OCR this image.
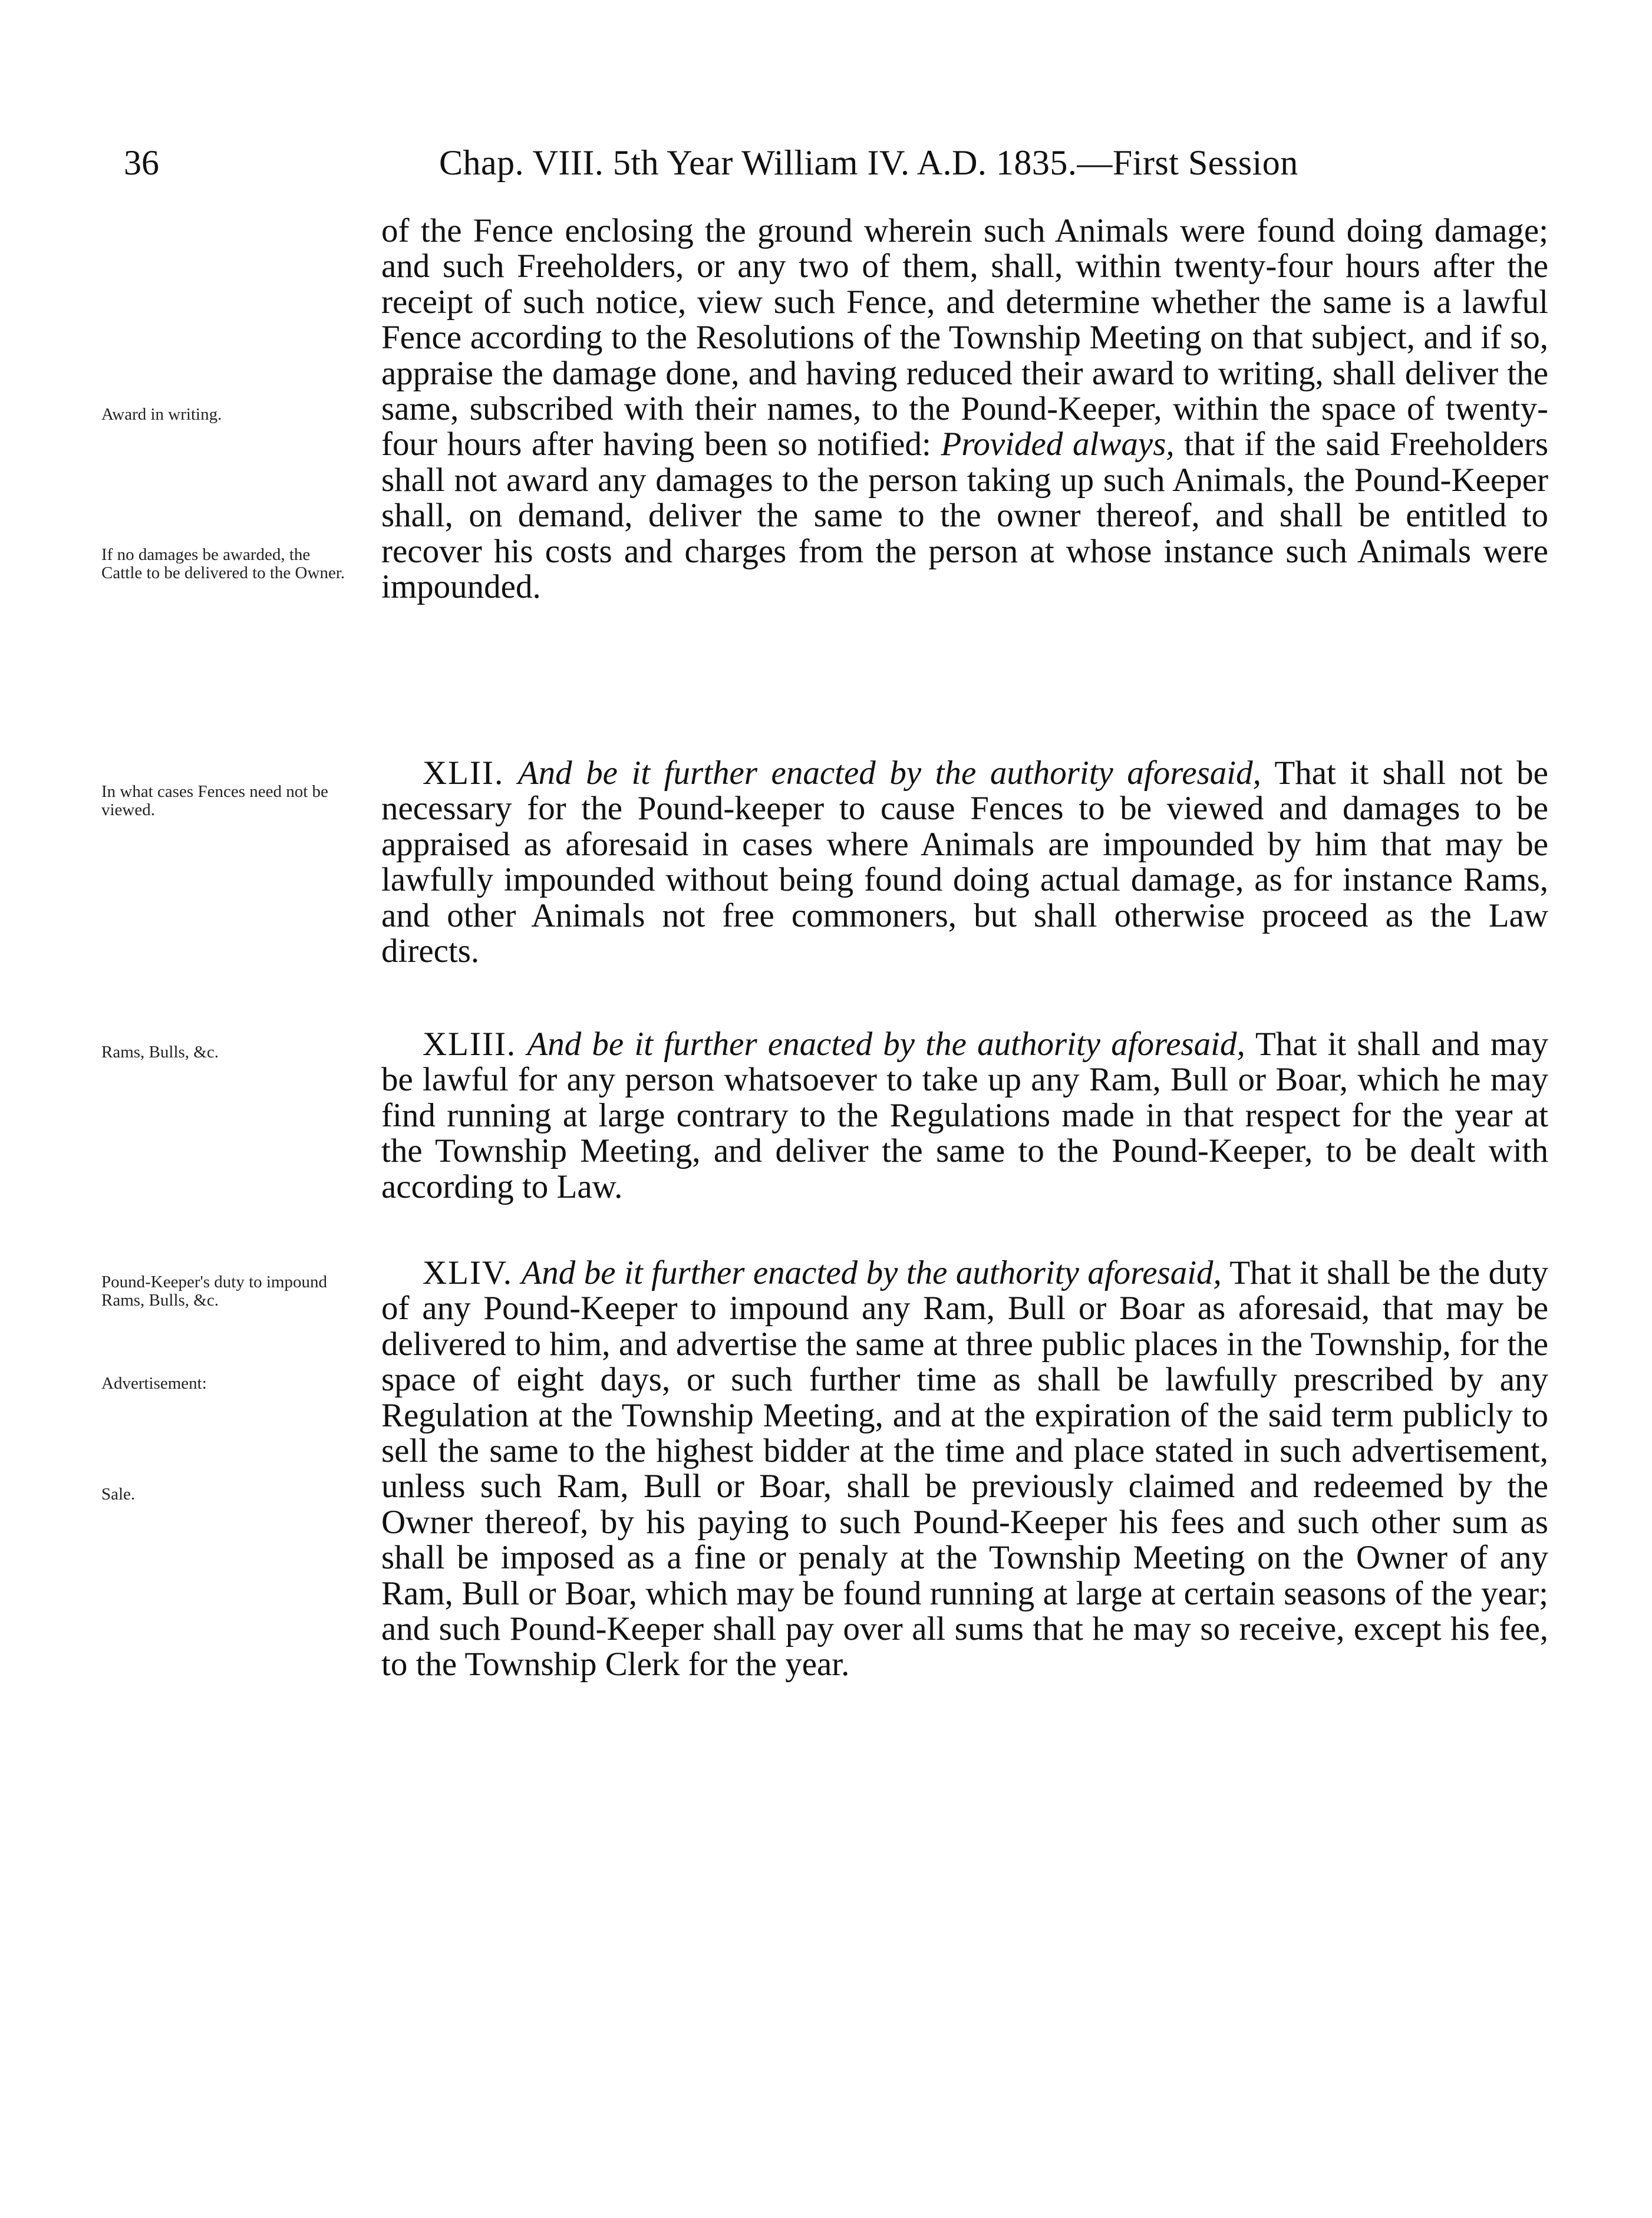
36	Chap. VIII. 5th Year William IV. A.D. 1835.—First Session

of the Fence enclosing the ground wherein such Animals were found doing damage; and such Freeholders, or any two of them, shall, within twenty-four hours after the receipt of such notice, view such Fence, and determine whether the same is a lawful Fence according to the Resolutions of the Township Meeting on that subject, and if so, appraise the damage done, and having reduced their award to writing, shall deliver the same, subscribed with their names, to the Pound-Keeper, within the space of twenty-four hours after having been so notified: Provided always, that if the said Freeholders shall not award any damages to the person taking up such Animals, the Pound-Keeper shall, on demand, deliver the same to the owner thereof, and shall be entitled to recover his costs and charges from the person at whose instance such Animals were impounded.

XLII. And be it further enacted by the authority aforesaid, That it shall not be necessary for the Pound-keeper to cause Fences to be viewed and damages to be appraised as aforesaid in cases where Animals are impounded by him that may be lawfully impounded without being found doing actual damage, as for instance Rams, and other Animals not free commoners, but shall otherwise proceed as the Law directs.

XLIII. And be it further enacted by the authority aforesaid, That it shall and may be lawful for any person whatsoever to take up any Ram, Bull or Boar, which he may find running at large contrary to the Regulations made in that respect for the year at the Township Meeting, and deliver the same to the Pound-Keeper, to be dealt with according to Law.

XLIV. And be it further enacted by the authority aforesaid, That it shall be the duty of any Pound-Keeper to impound any Ram, Bull or Boar as aforesaid, that may be delivered to him, and advertise the same at three public places in the Township, for the space of eight days, or such further time as shall be lawfully prescribed by any Regulation at the Township Meeting, and at the expiration of the said term publicly to sell the same to the highest bidder at the time and place stated in such advertisement, unless such Ram, Bull or Boar, shall be previously claimed and redeemed by the Owner thereof, by his paying to such Pound-Keeper his fees and such other sum as shall be imposed as a fine or penaly at the Township Meeting on the Owner of any Ram, Bull or Boar, which may be found running at large at certain seasons of the year; and such Pound-Keeper shall pay over all sums that he may so receive, except his fee, to the Township Clerk for the year.

Award in writing.
If no damages be awarded, the Cattle to be delivered to the Owner.
In what cases Fences need not be viewed.
Rams, Bulls, &c.
Pound-Keeper's duty to impound Rams, Bulls, &c.
Advertisement:
Sale.
